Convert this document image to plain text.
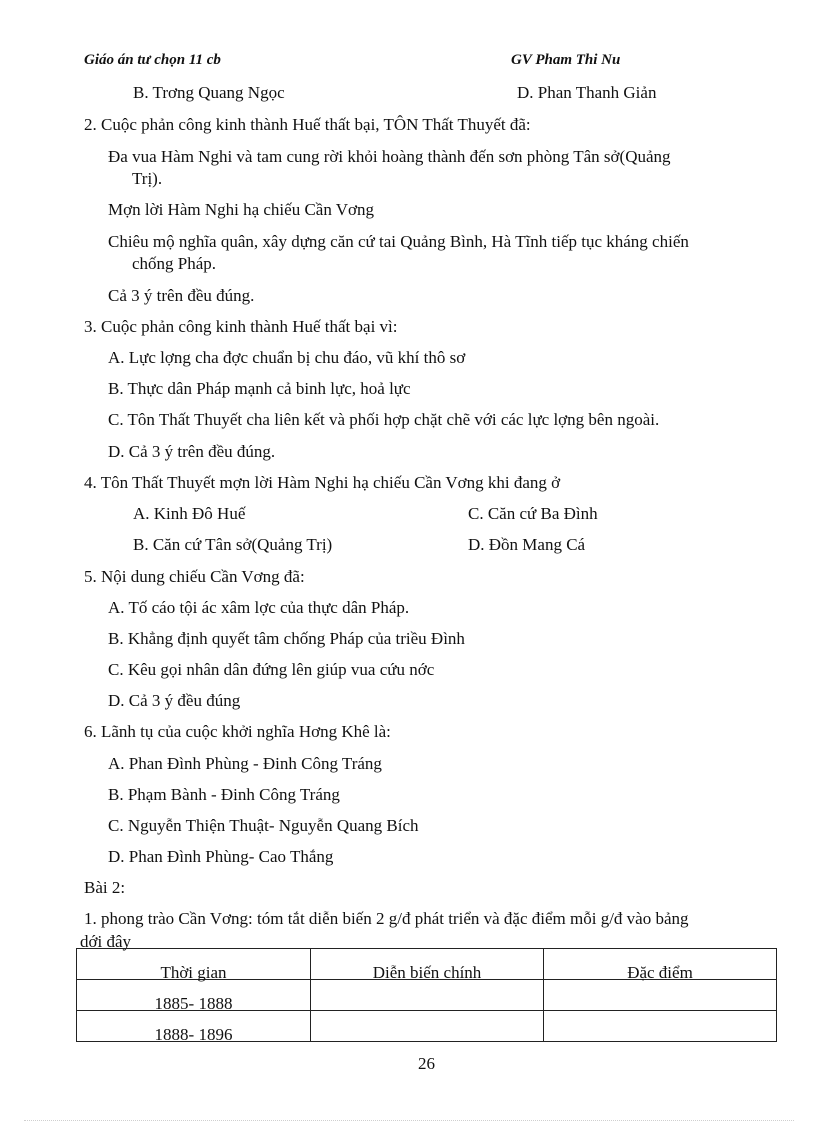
Giáo án tư chọn 11 cb	GV Pham Thi Nu
B. Trơng Quang Ngọc	D. Phan Thanh Giản
2. Cuộc phản công kinh thành Huế thất bại, TÔN Thất Thuyết đã:
Đa vua Hàm Nghi và tam cung rời khỏi hoàng thành đến sơn phòng Tân sở(Quảng
Trị).
Mợn lời Hàm Nghi hạ chiếu Cần Vơng
Chiêu mộ nghĩa quân, xây dựng căn cứ tai Quảng Bình, Hà Tĩnh tiếp tục kháng chiến
chống Pháp.
Cả 3 ý trên đều đúng.
3. Cuộc phản công kinh thành Huế thất bại vì:
A. Lực lợng cha đợc chuẩn bị chu đáo, vũ khí thô sơ
B. Thực dân Pháp mạnh cả binh lực, hoả lực
C. Tôn Thất Thuyết cha liên kết và phối hợp chặt chẽ với các lực lợng bên ngoài.
D. Cả 3 ý trên đều đúng.
4. Tôn Thất Thuyết mợn lời Hàm Nghi hạ chiếu Cần Vơng khi đang ở
A. Kinh Đô Huế	C. Căn cứ Ba Đình
B. Căn cứ Tân sở(Quảng Trị)	D. Đồn Mang Cá
5. Nội dung chiếu Cần Vơng đã:
A. Tố cáo tội ác xâm lợc của thực dân Pháp.
B. Khẳng định quyết tâm chống Pháp của triều Đình
C. Kêu gọi nhân dân đứng lên giúp vua cứu nớc
D. Cả 3 ý đều đúng
6. Lãnh tụ của cuộc khởi nghĩa Hơng Khê là:
A. Phan Đình Phùng - Đinh Công Tráng
B. Phạm Bành - Đinh Công Tráng
C. Nguyễn Thiện Thuật- Nguyễn Quang Bích
D. Phan Đình Phùng- Cao Thắng
Bài 2:
1. phong trào Cần Vơng: tóm tắt diễn biến 2 g/đ phát triển và đặc điểm mỗi g/đ vào bảng
dới đây
Thời gian	Diễn biến chính	Đặc điểm
1885- 1888		
1888- 1896		
26
